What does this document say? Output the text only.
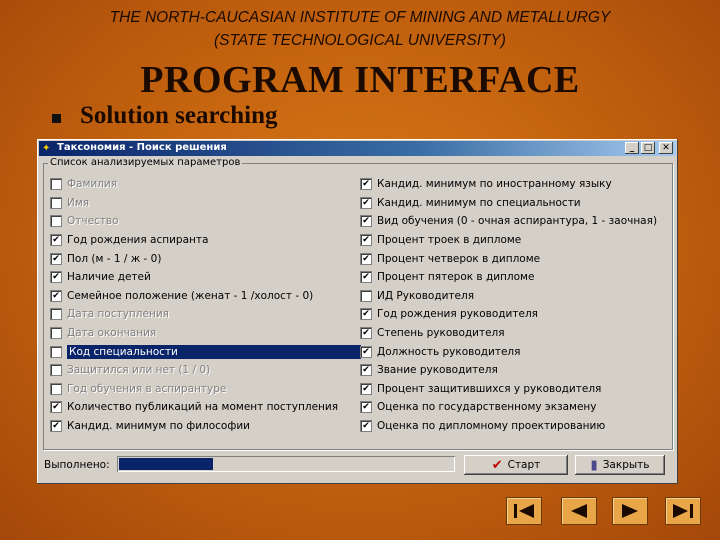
THE NORTH-CAUCASIAN INSTITUTE OF MINING AND METALLURGY
(STATE TECHNOLOGICAL UNIVERSITY)
PROGRAM INTERFACE
Solution searching
✦ Таксономия - Поиск решения	_	□	✕
Список анализируемых параметров
Фамилия
Имя
Отчество
✔ Год рождения аспиранта
✔ Пол (м - 1 / ж - 0)
✔ Наличие детей
✔ Семейное положение (женат - 1 /холост - 0)
Дата поступления
Дата окончания
Код специальности
Защитился или нет (1 / 0)
Год обучения в аспирантуре
✔ Количество публикаций на момент поступления
✔ Кандид. минимум по философии
✔ Кандид. минимум по иностранному языку
✔ Кандид. минимум по специальности
✔ Вид обучения (0 - очная аспирантура, 1 - заочная)
✔ Процент троек в дипломе
✔ Процент четверок в дипломе
✔ Процент пятерок в дипломе
ИД Руководителя
✔ Год рождения руководителя
✔ Степень руководителя
✔ Должность руководителя
✔ Звание руководителя
✔ Процент защитившихся у руководителя
✔ Оценка по государственному экзамену
✔ Оценка по дипломному проектированию
Выполнено:	✔ Старт	▮ Закрыть
